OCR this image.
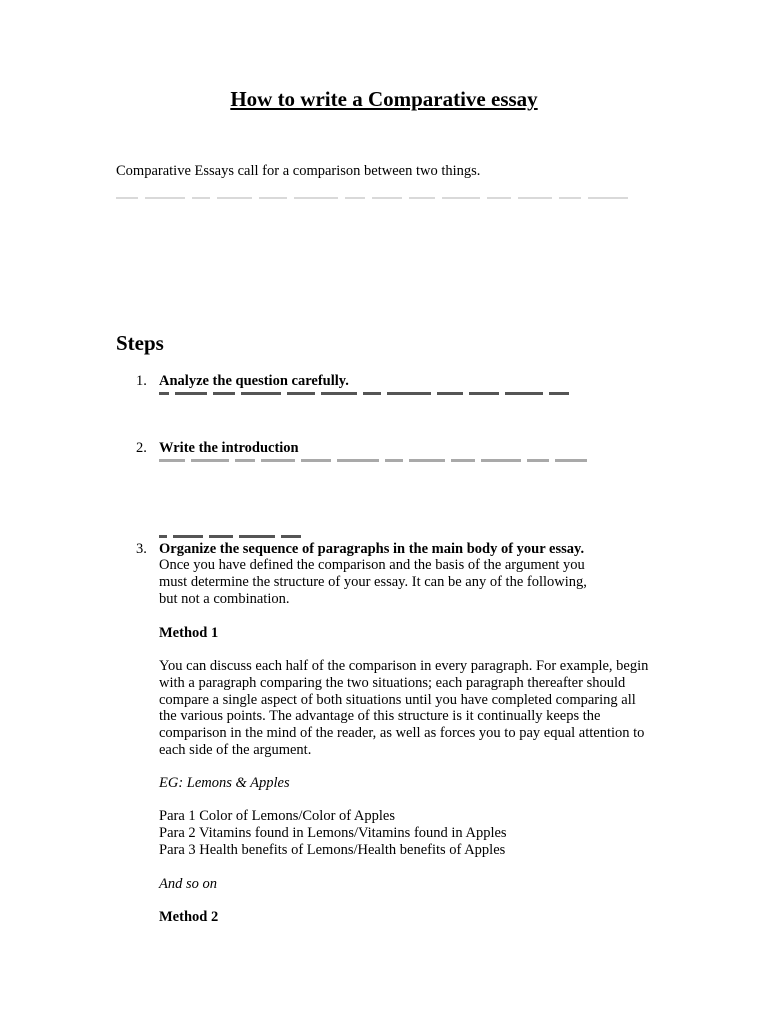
How to write a Comparative essay
Comparative Essays call for a comparison between two things.
Steps
1. Analyze the question carefully.
2. Write the introduction
3. Organize the sequence of paragraphs in the main body of your essay.
Once you have defined the comparison and the basis of the argument you must determine the structure of your essay. It can be any of the following, but not a combination.
Method 1
You can discuss each half of the comparison in every paragraph. For example, begin with a paragraph comparing the two situations; each paragraph thereafter should compare a single aspect of both situations until you have completed comparing all the various points. The advantage of this structure is it continually keeps the comparison in the mind of the reader, as well as forces you to pay equal attention to each side of the argument.
EG: Lemons & Apples
Para 1 Color of Lemons/Color of Apples
Para 2 Vitamins found in Lemons/Vitamins found in Apples
Para 3 Health benefits of Lemons/Health benefits of Apples
And so on
Method 2
